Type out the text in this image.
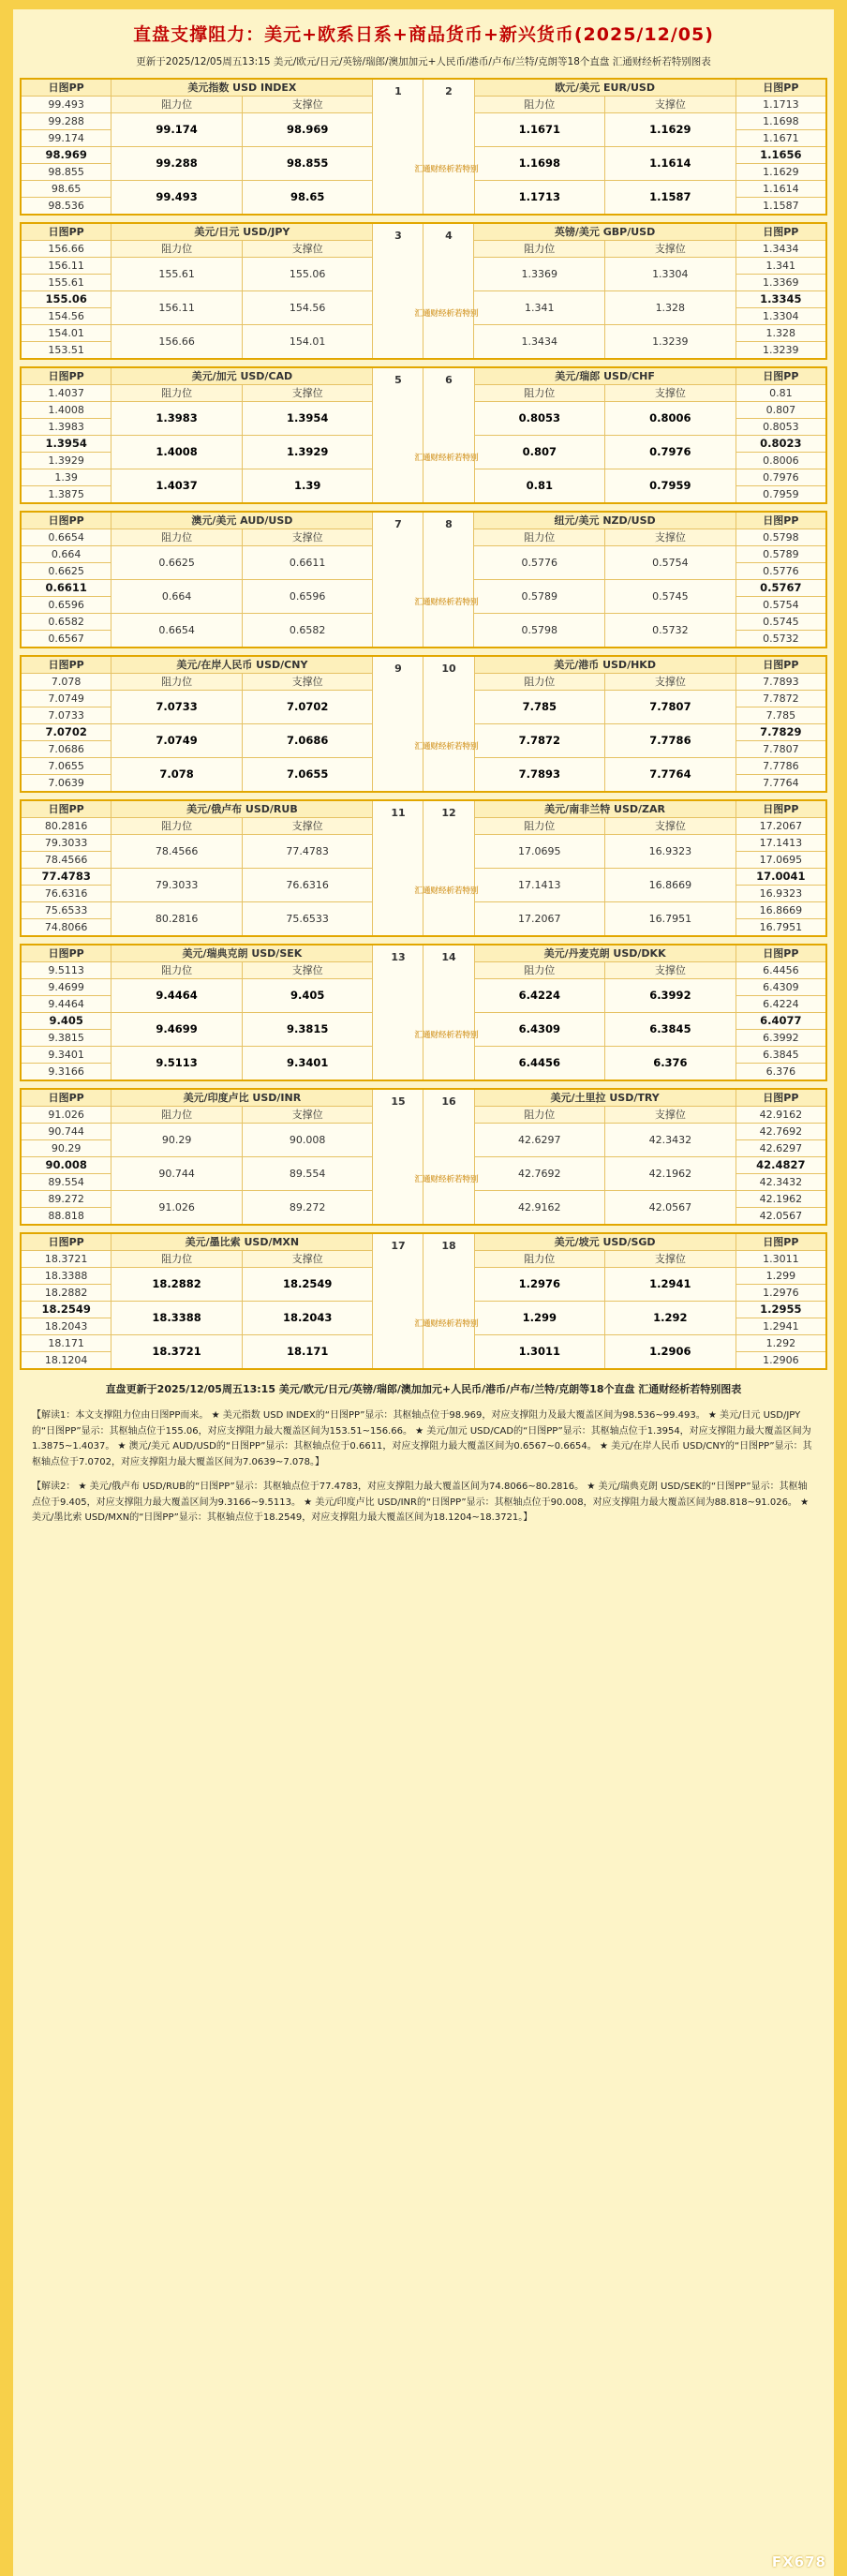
直盘支撑阻力：美元+欧系日系+商品货币+新兴货币(2025/12/05)
更新于2025/12/05周五13:15 美元/欧元/日元/英镑/瑞郎/澳加加元+人民币/港币/卢布/兰特/克朗等18个直盘 汇通财经析若特别图表
日图PP	美元指数 USD INDEX		1	2
汇通财经析若特别	欧元/美元 EUR/USD		日图PP
99.493	阻力位	支撑位			阻力位	支撑位	1.1713
99.288	99.174	98.969			1.1671	1.1629	1.1698
99.174							1.1671
98.969	99.288	98.855			1.1698	1.1614	1.1656
98.855							1.1629
98.65	99.493	98.65			1.1713	1.1587	1.1614
98.536							1.1587
日图PP	美元/日元 USD/JPY		3	4
汇通财经析若特别	英镑/美元 GBP/USD		日图PP
156.66	阻力位	支撑位			阻力位	支撑位	1.3434
156.11	155.61	155.06			1.3369	1.3304	1.341
155.61							1.3369
155.06	156.11	154.56			1.341	1.328	1.3345
154.56							1.3304
154.01	156.66	154.01			1.3434	1.3239	1.328
153.51							1.3239
日图PP	美元/加元 USD/CAD		5	6
汇通财经析若特别	美元/瑞郎 USD/CHF		日图PP
1.4037	阻力位	支撑位			阻力位	支撑位	0.81
1.4008	1.3983	1.3954			0.8053	0.8006	0.807
1.3983							0.8053
1.3954	1.4008	1.3929			0.807	0.7976	0.8023
1.3929							0.8006
1.39	1.4037	1.39			0.81	0.7959	0.7976
1.3875							0.7959
日图PP	澳元/美元 AUD/USD		7	8
汇通财经析若特别	纽元/美元 NZD/USD		日图PP
0.6654	阻力位	支撑位			阻力位	支撑位	0.5798
0.664	0.6625	0.6611			0.5776	0.5754	0.5789
0.6625							0.5776
0.6611	0.664	0.6596			0.5789	0.5745	0.5767
0.6596							0.5754
0.6582	0.6654	0.6582			0.5798	0.5732	0.5745
0.6567							0.5732
日图PP	美元/在岸人民币 USD/CNY		9	10
汇通财经析若特别	美元/港币 USD/HKD		日图PP
7.078	阻力位	支撑位			阻力位	支撑位	7.7893
7.0749	7.0733	7.0702			7.785	7.7807	7.7872
7.0733							7.785
7.0702	7.0749	7.0686			7.7872	7.7786	7.7829
7.0686							7.7807
7.0655	7.078	7.0655			7.7893	7.7764	7.7786
7.0639							7.7764
日图PP	美元/俄卢布 USD/RUB		11	12
汇通财经析若特别	美元/南非兰特 USD/ZAR		日图PP
80.2816	阻力位	支撑位			阻力位	支撑位	17.2067
79.3033	78.4566	77.4783			17.0695	16.9323	17.1413
78.4566							17.0695
77.4783	79.3033	76.6316			17.1413	16.8669	17.0041
76.6316							16.9323
75.6533	80.2816	75.6533			17.2067	16.7951	16.8669
74.8066							16.7951
日图PP	美元/瑞典克朗 USD/SEK		13	14
汇通财经析若特别	美元/丹麦克朗 USD/DKK		日图PP
9.5113	阻力位	支撑位			阻力位	支撑位	6.4456
9.4699	9.4464	9.405			6.4224	6.3992	6.4309
9.4464							6.4224
9.405	9.4699	9.3815			6.4309	6.3845	6.4077
9.3815							6.3992
9.3401	9.5113	9.3401			6.4456	6.376	6.3845
9.3166							6.376
日图PP	美元/印度卢比 USD/INR		15	16
汇通财经析若特别	美元/土里拉 USD/TRY		日图PP
91.026	阻力位	支撑位			阻力位	支撑位	42.9162
90.744	90.29	90.008			42.6297	42.3432	42.7692
90.29							42.6297
90.008	90.744	89.554			42.7692	42.1962	42.4827
89.554							42.3432
89.272	91.026	89.272			42.9162	42.0567	42.1962
88.818							42.0567
日图PP	美元/墨比索 USD/MXN		17	18
汇通财经析若特别	美元/坡元 USD/SGD		日图PP
18.3721	阻力位	支撑位			阻力位	支撑位	1.3011
18.3388	18.2882	18.2549			1.2976	1.2941	1.299
18.2882							1.2976
18.2549	18.3388	18.2043			1.299	1.292	1.2955
18.2043							1.2941
18.171	18.3721	18.171			1.3011	1.2906	1.292
18.1204							1.2906
直盘更新于2025/12/05周五13:15 美元/欧元/日元/英镑/瑞郎/澳加加元+人民币/港币/卢布/兰特/克朗等18个直盘 汇通财经析若特别图表
【解读1：本文支撑阻力位由日图PP而来。 ★ 美元指数 USD INDEX的“日图PP”显示：其枢轴点位于98.969，对应支撑阻力及最大覆盖区间为98.536~99.493。 ★ 美元/日元 USD/JPY的“日图PP”显示：其枢轴点位于155.06，对应支撑阻力最大覆盖区间为153.51~156.66。 ★ 美元/加元 USD/CAD的“日图PP”显示：其枢轴点位于1.3954，对应支撑阻力最大覆盖区间为1.3875~1.4037。 ★ 澳元/美元 AUD/USD的“日图PP”显示：其枢轴点位于0.6611，对应支撑阻力最大覆盖区间为0.6567~0.6654。 ★ 美元/在岸人民币 USD/CNY的“日图PP”显示：其枢轴点位于7.0702，对应支撑阻力最大覆盖区间为7.0639~7.078。】
【解读2： ★ 美元/俄卢布 USD/RUB的“日图PP”显示：其枢轴点位于77.4783，对应支撑阻力最大覆盖区间为74.8066~80.2816。 ★ 美元/瑞典克朗 USD/SEK的“日图PP”显示：其枢轴点位于9.405，对应支撑阻力最大覆盖区间为9.3166~9.5113。 ★ 美元/印度卢比 USD/INR的“日图PP”显示：其枢轴点位于90.008，对应支撑阻力最大覆盖区间为88.818~91.026。 ★ 美元/墨比索 USD/MXN的“日图PP”显示：其枢轴点位于18.2549，对应支撑阻力最大覆盖区间为18.1204~18.3721。】
FX678
